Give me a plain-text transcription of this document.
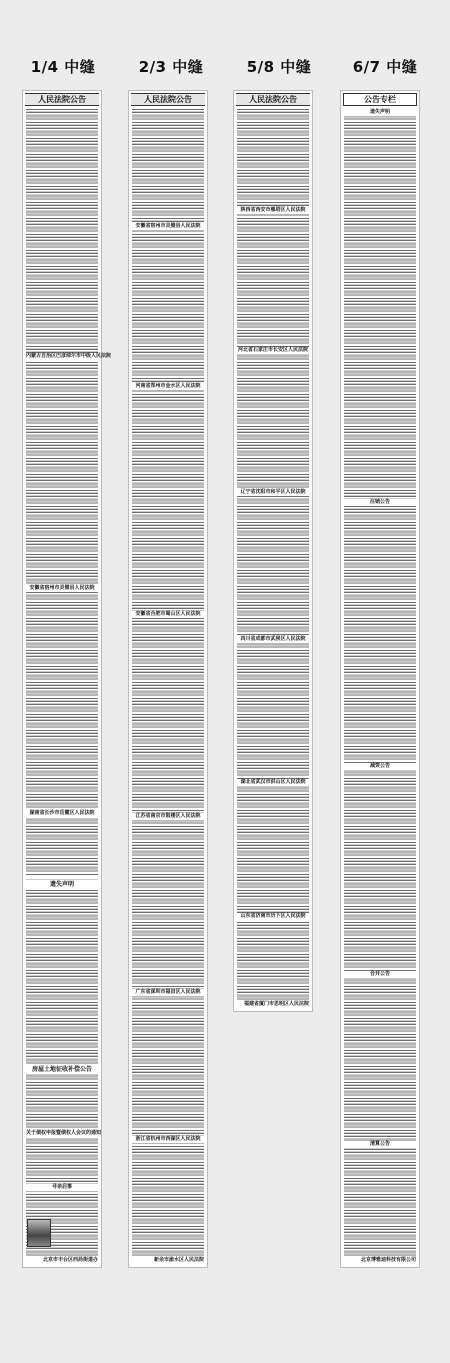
1/4 中缝	2/3 中缝	5/8 中缝	6/7 中缝
人民法院公告
内蒙古自治区巴彦淖尔市中级人民法院
安徽省宿州市灵璧县人民法院
湖南省长沙市岳麓区人民法院
遗失声明
房屋土地征收补偿公告
关于债权申报暨债权人会议的通知
寻亲启事
北京市丰台区西局街道办
人民法院公告
安徽省宿州市灵璧县人民法院
河南省郑州市金水区人民法院
安徽省合肥市蜀山区人民法院
江苏省南京市鼓楼区人民法院
广东省深圳市福田区人民法院
浙江省杭州市西湖区人民法院
新余市渝水区人民法院
人民法院公告
陕西省西安市雁塔区人民法院
河北省石家庄市长安区人民法院
辽宁省沈阳市和平区人民法院
四川省成都市武侯区人民法院
湖北省武汉市洪山区人民法院
山东省济南市历下区人民法院
福建省厦门市思明区人民法院
公告专栏
遗失声明
注销公告
减资公告
合并公告
清算公告
北京博雅迪科技有限公司
